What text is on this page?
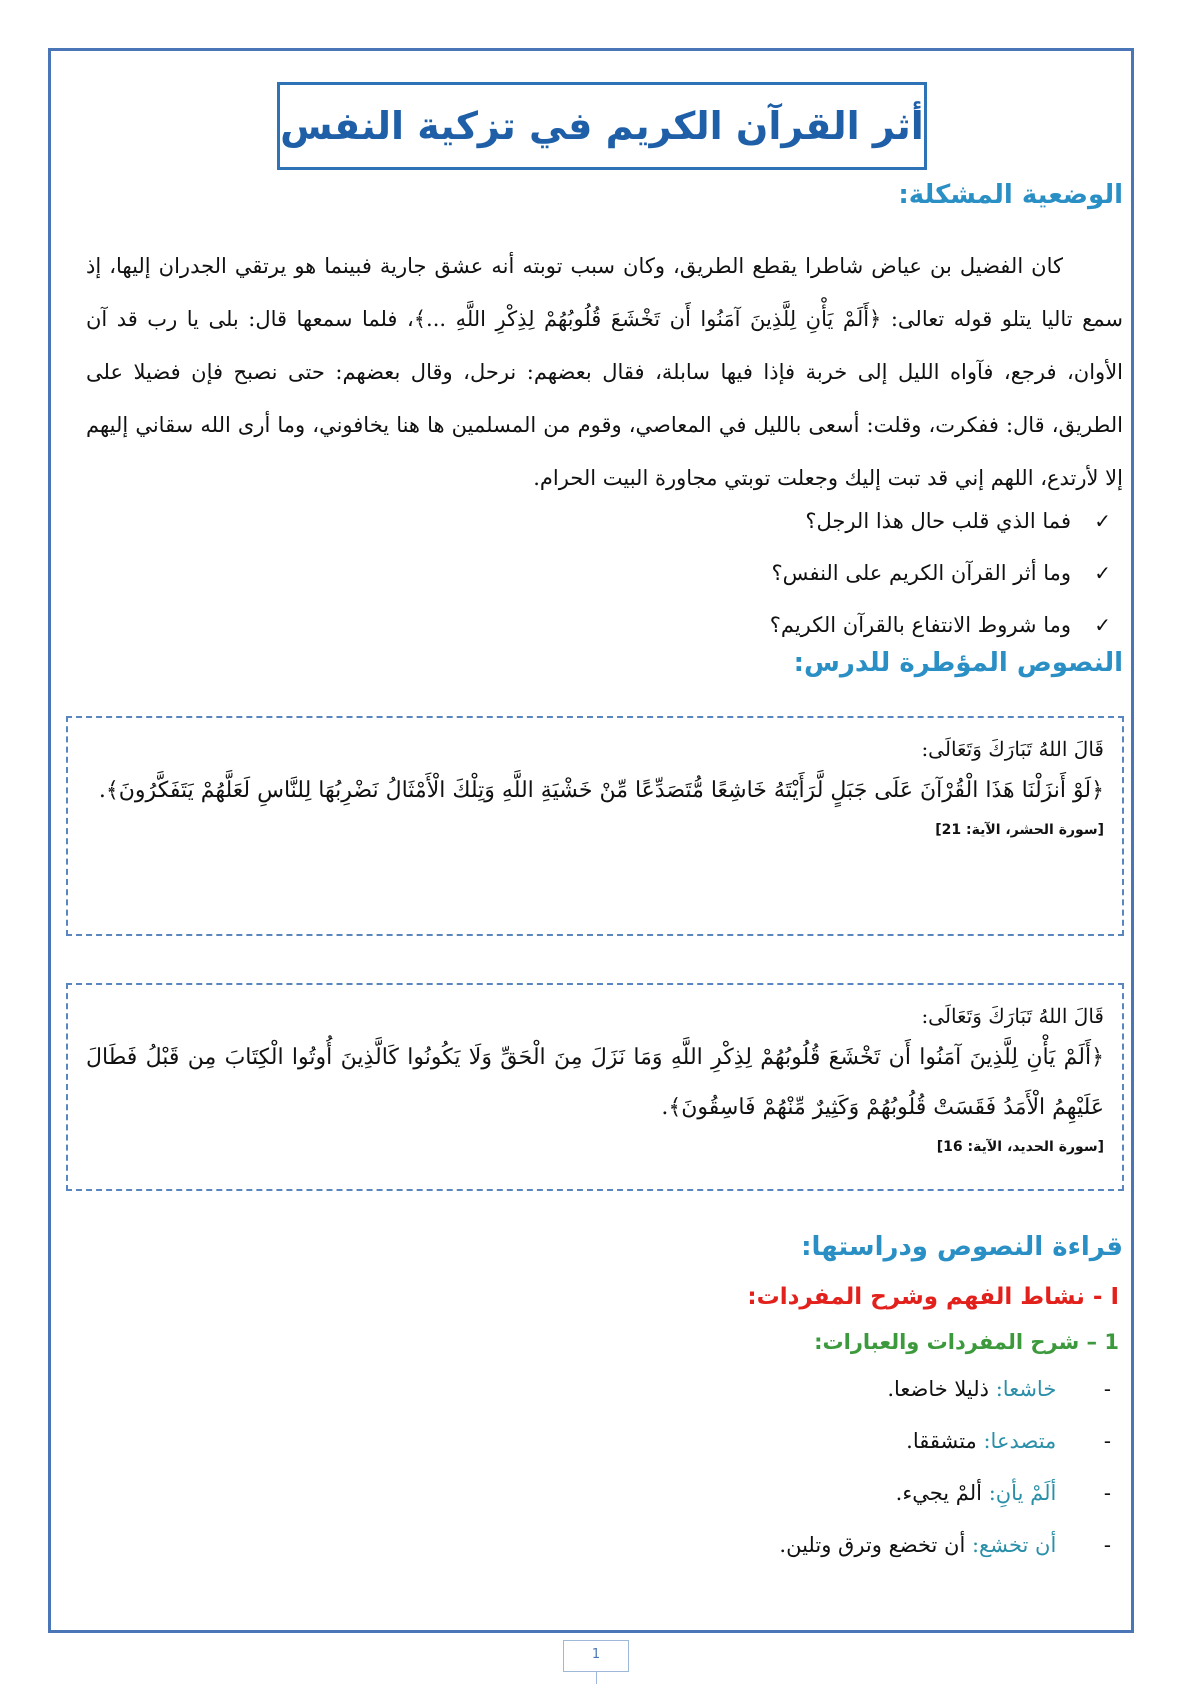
أثر القرآن الكريم في تزكية النفس
الوضعية المشكلة:

كان الفضيل بن عياض شاطرا يقطع الطريق، وكان سبب توبته أنه عشق جارية فبينما هو يرتقي الجدران إليها، إذ سمع تاليا يتلو قوله تعالى: ﴿أَلَمْ يَأْنِ لِلَّذِينَ آمَنُوا أَن تَخْشَعَ قُلُوبُهُمْ لِذِكْرِ اللَّهِ ...﴾، فلما سمعها قال: بلى يا رب قد آن الأوان، فرجع، فآواه الليل إلى خربة فإذا فيها سابلة، فقال بعضهم: نرحل، وقال بعضهم: حتى نصبح فإن فضيلا على الطريق، قال: ففكرت، وقلت: أسعى بالليل في المعاصي، وقوم من المسلمين ها هنا يخافوني، وما أرى الله سقاني إليهم إلا لأرتدع، اللهم إني قد تبت إليك وجعلت توبتي مجاورة البيت الحرام.

✓
فما الذي قلب حال هذا الرجل؟
✓
وما أثر القرآن الكريم على النفس؟
✓
وما شروط الانتفاع بالقرآن الكريم؟
النصوص المؤطرة للدرس:

قَالَ اللهُ تَبَارَكَ وَتَعَالَى:

﴿لَوْ أَنزَلْنَا هَذَا الْقُرْآنَ عَلَى جَبَلٍ لَّرَأَيْتَهُ خَاشِعًا مُّتَصَدِّعًا مِّنْ خَشْيَةِ اللَّهِ وَتِلْكَ الْأَمْثَالُ نَضْرِبُهَا لِلنَّاسِ لَعَلَّهُمْ يَتَفَكَّرُونَ﴾.

[سورة الحشر، الآية: 21]

قَالَ اللهُ تَبَارَكَ وَتَعَالَى:

﴿أَلَمْ يَأْنِ لِلَّذِينَ آمَنُوا أَن تَخْشَعَ قُلُوبُهُمْ لِذِكْرِ اللَّهِ وَمَا نَزَلَ مِنَ الْحَقِّ وَلَا يَكُونُوا كَالَّذِينَ أُوتُوا الْكِتَابَ مِن قَبْلُ فَطَالَ عَلَيْهِمُ الْأَمَدُ فَقَسَتْ قُلُوبُهُمْ وَكَثِيرٌ مِّنْهُمْ فَاسِقُونَ﴾.

[سورة الحديد، الآية: 16]

قراءة النصوص ودراستها:
I - نشاط الفهم وشرح المفردات:
1 – شرح المفردات والعبارات:
- خاشعا: ذليلا خاضعا.
- متصدعا: متشققا.
- ألَمْ يأنِ: ألمْ يجيء.
- أن تخشع: أن تخضع وترق وتلين.
1
